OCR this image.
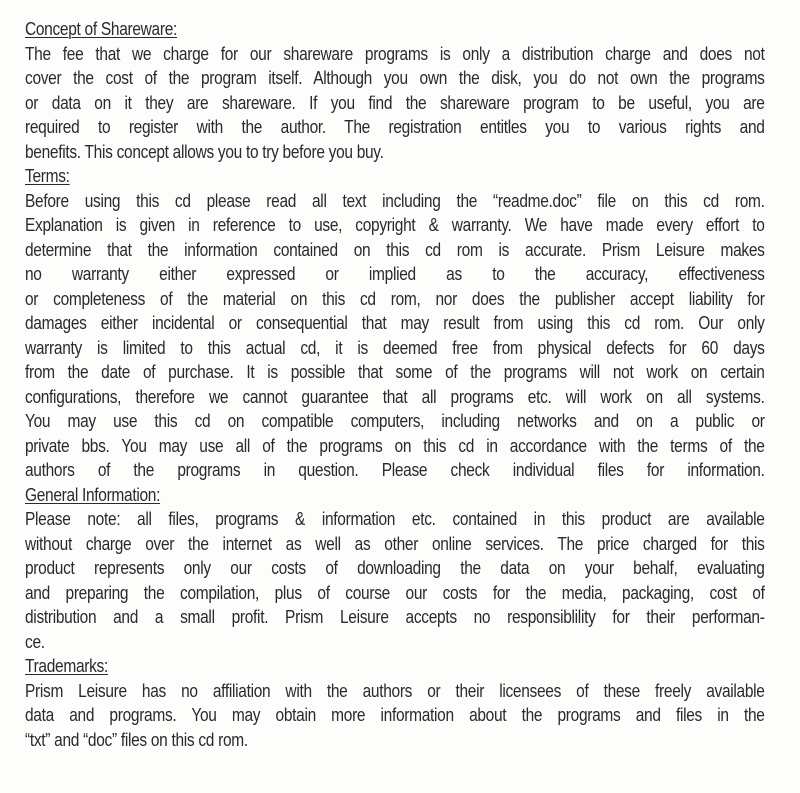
Concept of Shareware:
The fee that we charge for our shareware programs is only a distribution charge and does not
cover the cost of the program itself. Although you own the disk, you do not own the programs
or data on it they are shareware. If you find the shareware program to be useful, you are
required to register with the author. The registration entitles you to various rights and
benefits. This concept allows you to try before you buy.
Terms:
Before using this cd please read all text including the “readme.doc” file on this cd rom.
Explanation is given in reference to use, copyright & warranty. We have made every effort to
determine that the information contained on this cd rom is accurate. Prism Leisure makes
no warranty either expressed or implied as to the accuracy, effectiveness
or completeness of the material on this cd rom, nor does the publisher accept liability for
damages either incidental or consequential that may result from using this cd rom. Our only
warranty is limited to this actual cd, it is deemed free from physical defects for 60 days
from the date of purchase. It is possible that some of the programs will not work on certain
configurations, therefore we cannot guarantee that all programs etc. will work on all systems.
You may use this cd on compatible computers, including networks and on a public or
private bbs. You may use all of the programs on this cd in accordance with the terms of the
authors of the programs in question. Please check individual files for information.
General Information:
Please note: all files, programs & information etc. contained in this product are available
without charge over the internet as well as other online services. The price charged for this
product represents only our costs of downloading the data on your behalf, evaluating
and preparing the compilation, plus of course our costs for the media, packaging, cost of
distribution and a small profit. Prism Leisure accepts no responsiblility for their performan-
ce.
Trademarks:
Prism Leisure has no affiliation with the authors or their licensees of these freely available
data and programs. You may obtain more information about the programs and files in the
“txt” and “doc” files on this cd rom.
